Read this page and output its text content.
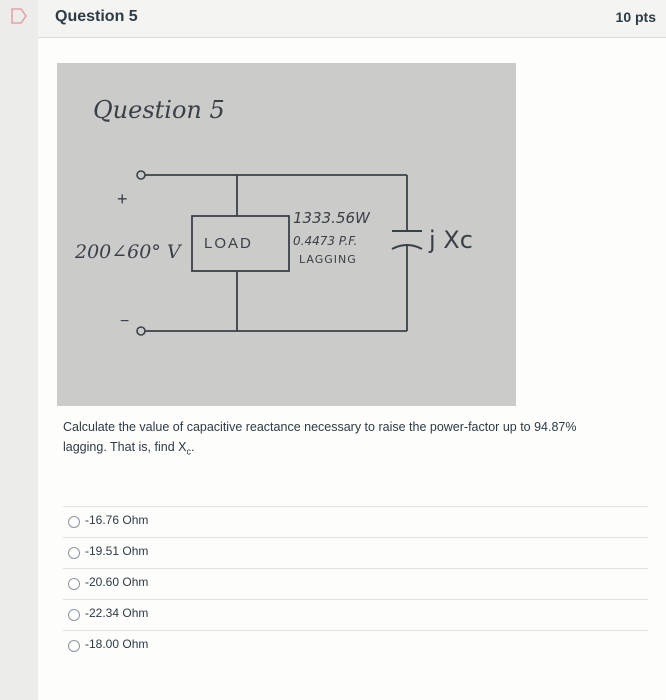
Question 5	10 pts
Question 5
+
LOAD
−
200∠60° V
1333.56W
0.4473 P.F.
LAGGING
j Xc
Calculate the value of capacitive reactance necessary to raise the power-factor up to 94.87% lagging. That is, find $X_c$.
-16.76 Ohm
-19.51 Ohm
-20.60 Ohm
-22.34 Ohm
-18.00 Ohm
